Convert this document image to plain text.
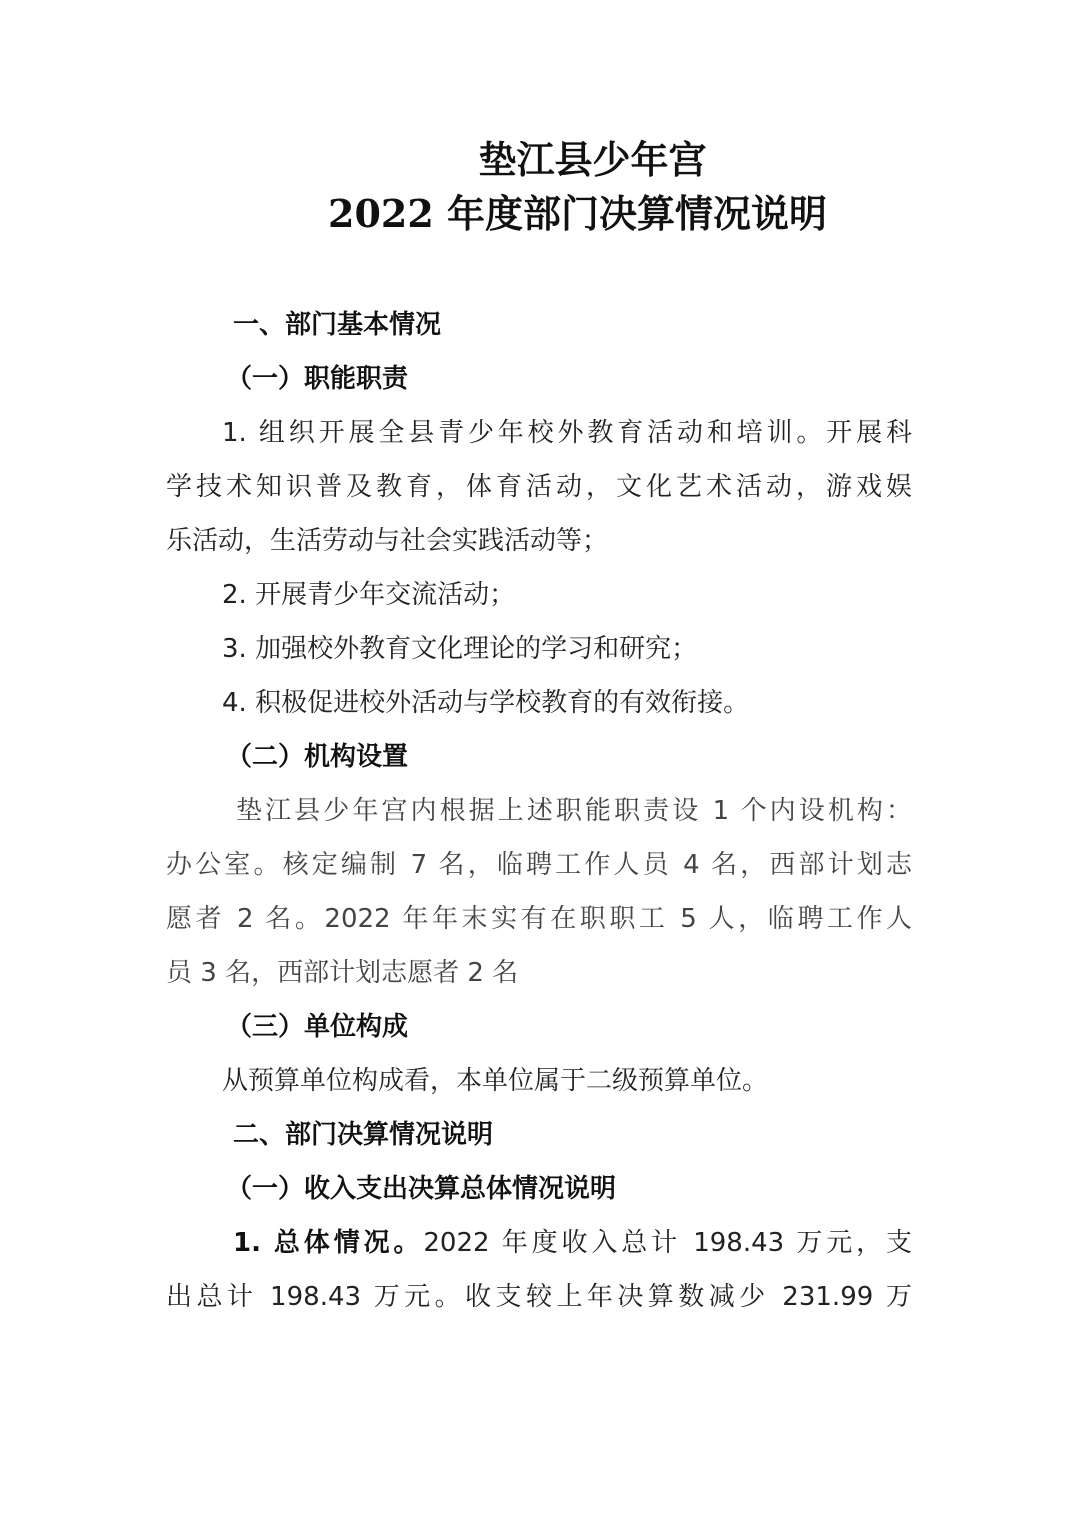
垫江县少年宫
2022 年度部门决算情况说明
一、部门基本情况
（一）职能职责
1. 组织开展全县青少年校外教育活动和培训。开展科
学技术知识普及教育，体育活动，文化艺术活动，游戏娱
乐活动，生活劳动与社会实践活动等；
2. 开展青少年交流活动；
3. 加强校外教育文化理论的学习和研究；
4. 积极促进校外活动与学校教育的有效衔接。
（二）机构设置
垫江县少年宫内根据上述职能职责设 1 个内设机构：
办公室。核定编制 7 名，临聘工作人员 4 名，西部计划志
愿者 2 名。2022 年年末实有在职职工 5 人，临聘工作人
员 3 名，西部计划志愿者 2 名
（三）单位构成
从预算单位构成看，本单位属于二级预算单位。
二、部门决算情况说明
（一）收入支出决算总体情况说明
1. 总体情况。2022 年度收入总计 198.43 万元，支
出总计 198.43 万元。收支较上年决算数减少 231.99 万
